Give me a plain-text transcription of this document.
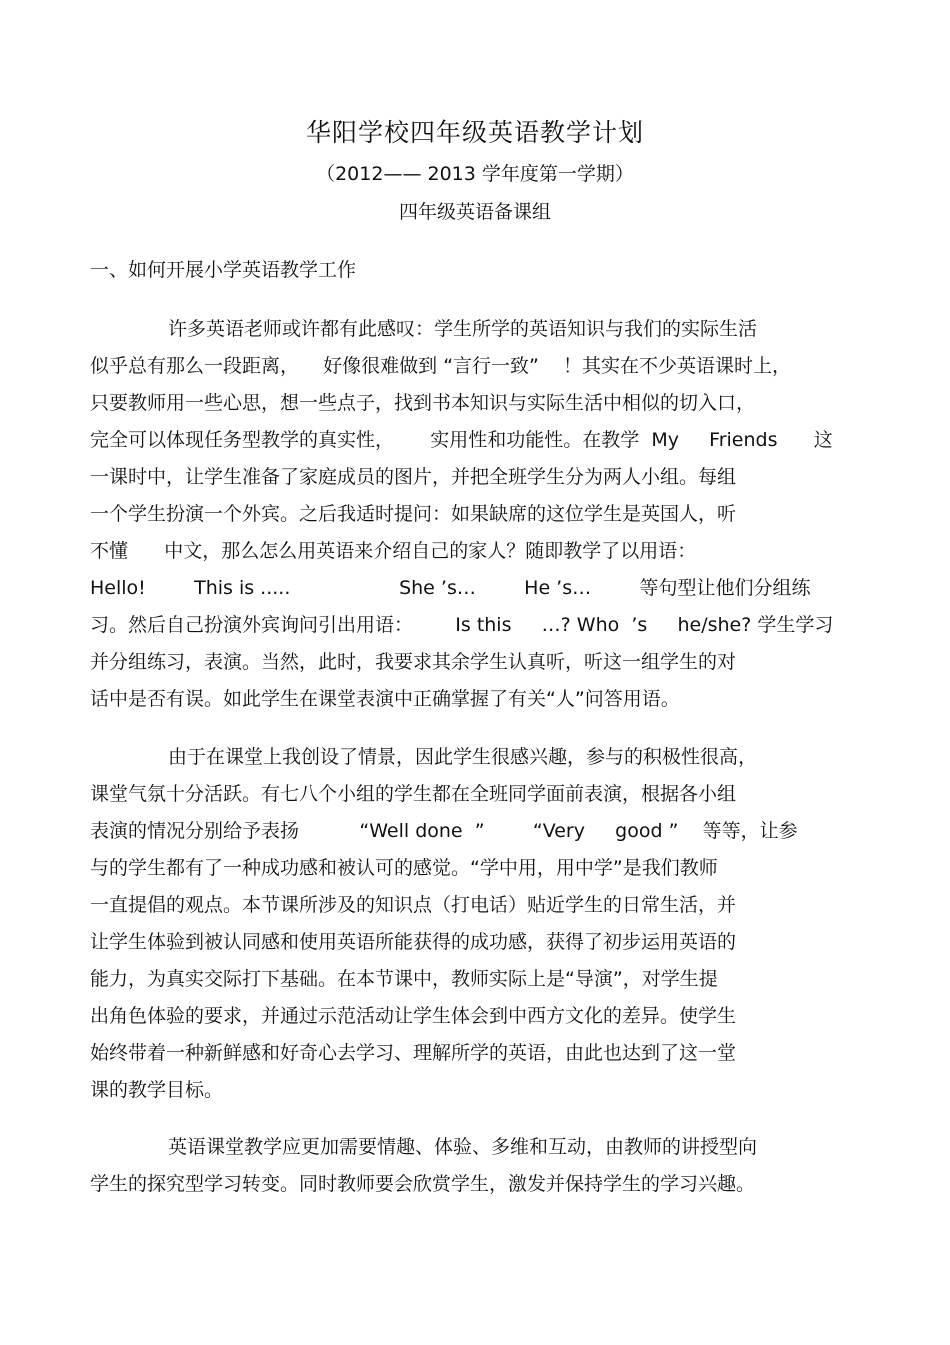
华阳学校四年级英语教学计划
（2012—— 2013 学年度第一学期）
四年级英语备课组
一、如何开展小学英语教学工作
许多英语老师或许都有此感叹：学生所学的英语知识与我们的实际生活
似乎总有那么一段距离，    好像很难做到 “言行一致”    ！其实在不少英语课时上，
只要教师用一些心思，想一些点子，找到书本知识与实际生活中相似的切入口，
完全可以体现任务型教学的真实性，      实用性和功能性。在教学  My     Friends      这
一课时中，让学生准备了家庭成员的图片，并把全班学生分为两人小组。每组
一个学生扮演一个外宾。之后我适时提问：如果缺席的这位学生是英国人，听
不懂      中文，那么怎么用英语来介绍自己的家人？随即教学了以用语：
Hello!        This is .....                  She ’s…        He ’s…        等句型让他们分组练
习。然后自己扮演外宾询问引出用语：       Is this     …? Who  ’s     he/she? 学生学习
并分组练习，表演。当然，此时，我要求其余学生认真听，听这一组学生的对
话中是否有误。如此学生在课堂表演中正确掌握了有关“人”问答用语。
由于在课堂上我创设了情景，因此学生很感兴趣，参与的积极性很高，
课堂气氛十分活跃。有七八个小组的学生都在全班同学面前表演，根据各小组
表演的情况分别给予表扬          “Well done  ”        “Very     good ”    等等，让参
与的学生都有了一种成功感和被认可的感觉。“学中用，用中学”是我们教师
一直提倡的观点。本节课所涉及的知识点（打电话）贴近学生的日常生活，并
让学生体验到被认同感和使用英语所能获得的成功感，获得了初步运用英语的
能力，为真实交际打下基础。在本节课中，教师实际上是“导演”，对学生提
出角色体验的要求，并通过示范活动让学生体会到中西方文化的差异。使学生
始终带着一种新鲜感和好奇心去学习、理解所学的英语，由此也达到了这一堂
课的教学目标。
英语课堂教学应更加需要情趣、体验、多维和互动，由教师的讲授型向
学生的探究型学习转变。同时教师要会欣赏学生，激发并保持学生的学习兴趣。
